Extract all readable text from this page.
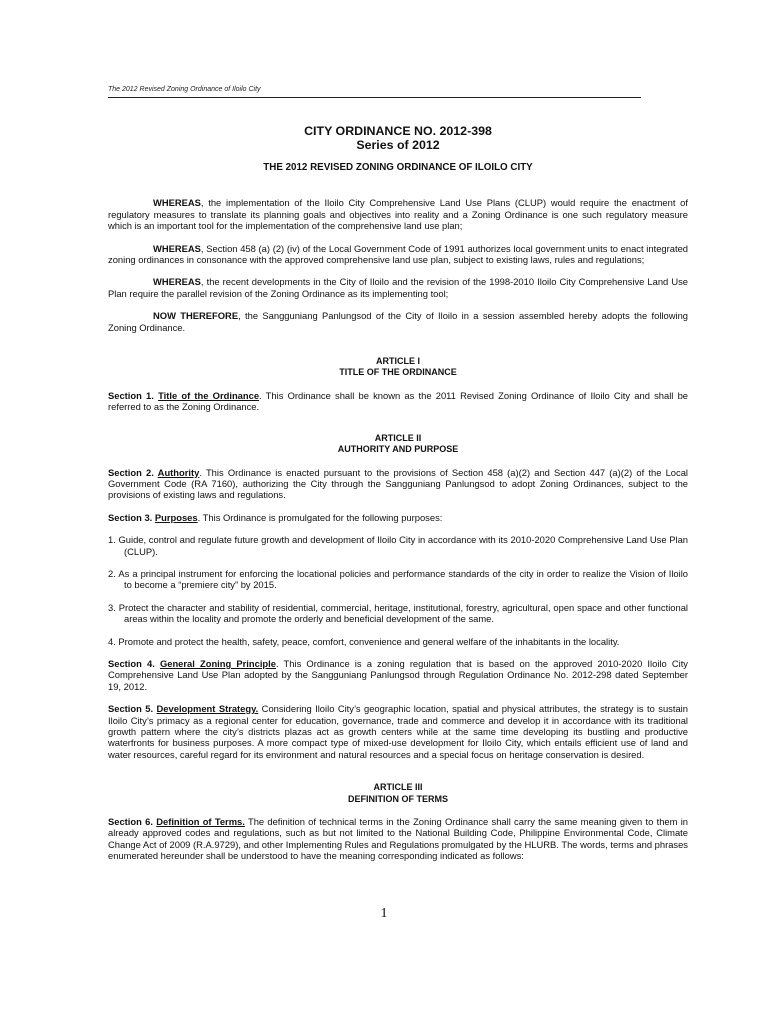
The 2012 Revised Zoning Ordinance of Iloilo City

CITY ORDINANCE NO. 2012-398

Series of 2012

THE 2012 REVISED ZONING ORDINANCE OF ILOILO CITY

WHEREAS, the implementation of the Iloilo City Comprehensive Land Use Plans (CLUP) would require the enactment of regulatory measures to translate its planning goals and objectives into reality and a Zoning Ordinance is one such regulatory measure which is an important tool for the implementation of the comprehensive land use plan;

WHEREAS, Section 458 (a) (2) (iv) of the Local Government Code of 1991 authorizes local government units to enact integrated zoning ordinances in consonance with the approved comprehensive land use plan, subject to existing laws, rules and regulations;

WHEREAS, the recent developments in the City of Iloilo and the revision of the 1998-2010 Iloilo City Comprehensive Land Use Plan require the parallel revision of the Zoning Ordinance as its implementing tool;

NOW THEREFORE, the Sangguniang Panlungsod of the City of Iloilo in a session assembled hereby adopts the following Zoning Ordinance.

ARTICLE I

TITLE OF THE ORDINANCE

Section 1. Title of the Ordinance. This Ordinance shall be known as the 2011 Revised Zoning Ordinance of Iloilo City and shall be referred to as the Zoning Ordinance.

ARTICLE II

AUTHORITY AND PURPOSE

Section 2. Authority. This Ordinance is enacted pursuant to the provisions of Section 458 (a)(2) and Section 447 (a)(2) of the Local Government Code (RA 7160), authorizing the City through the Sangguniang Panlungsod to adopt Zoning Ordinances, subject to the provisions of existing laws and regulations.

Section 3. Purposes. This Ordinance is promulgated for the following purposes:

1. Guide, control and regulate future growth and development of Iloilo City in accordance with its 2010-2020 Comprehensive Land Use Plan (CLUP).

2. As a principal instrument for enforcing the locational policies and performance standards of the city in order to realize the Vision of Iloilo to become a “premiere city” by 2015.

3. Protect the character and stability of residential, commercial, heritage, institutional, forestry, agricultural, open space and other functional areas within the locality and promote the orderly and beneficial development of the same.

4. Promote and protect the health, safety, peace, comfort, convenience and general welfare of the inhabitants in the locality.

Section 4. General Zoning Principle. This Ordinance is a zoning regulation that is based on the approved 2010-2020 Iloilo City Comprehensive Land Use Plan adopted by the Sangguniang Panlungsod through Regulation Ordinance No. 2012-298 dated September 19, 2012.

Section 5. Development Strategy. Considering Iloilo City’s geographic location, spatial and physical attributes, the strategy is to sustain Iloilo City’s primacy as a regional center for education, governance, trade and commerce and develop it in accordance with its traditional growth pattern where the city’s districts plazas act as growth centers while at the same time developing its bustling and productive waterfronts for business purposes. A more compact type of mixed-use development for Iloilo City, which entails efficient use of land and water resources, careful regard for its environment and natural resources and a special focus on heritage conservation is desired.

ARTICLE III

DEFINITION OF TERMS

Section 6. Definition of Terms. The definition of technical terms in the Zoning Ordinance shall carry the same meaning given to them in already approved codes and regulations, such as but not limited to the National Building Code, Philippine Environmental Code, Climate Change Act of 2009 (R.A.9729), and other Implementing Rules and Regulations promulgated by the HLURB. The words, terms and phrases enumerated hereunder shall be understood to have the meaning corresponding indicated as follows:

1
